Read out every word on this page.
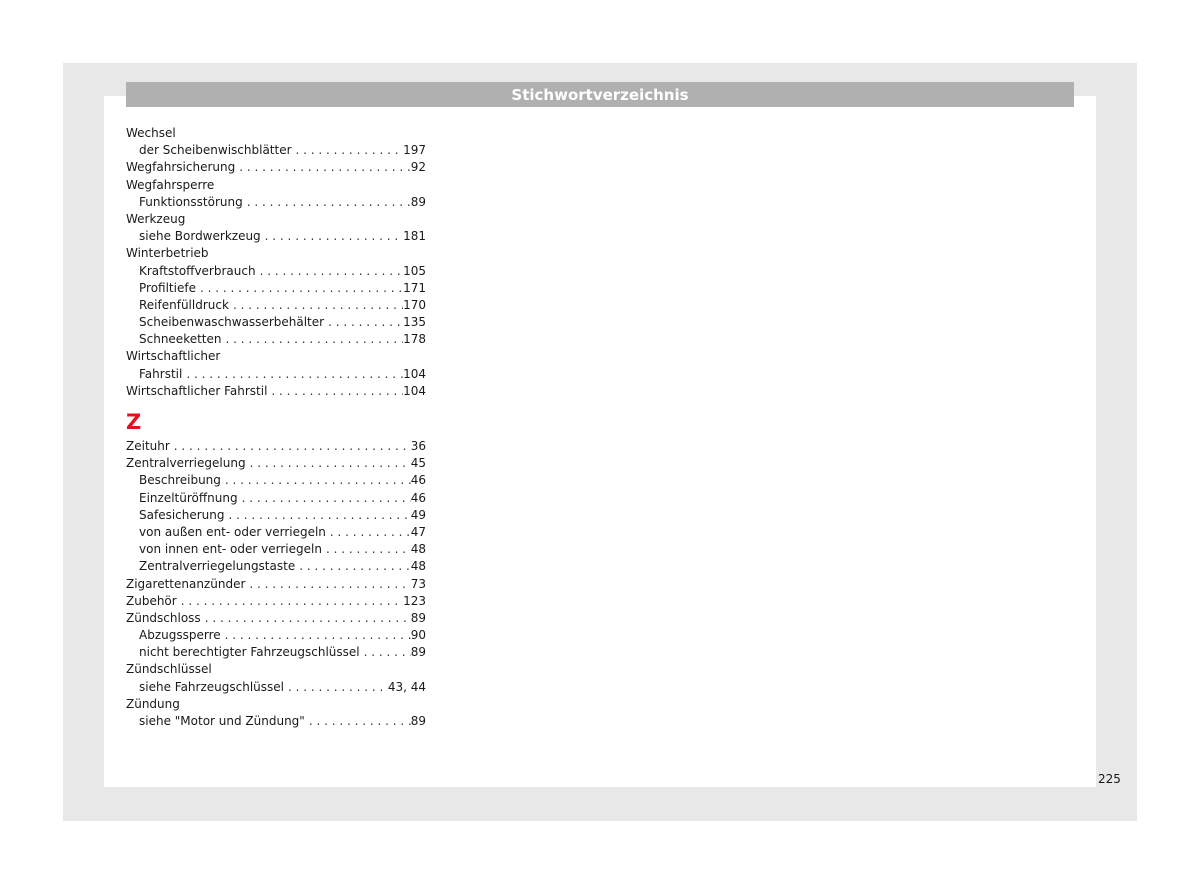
Stichwortverzeichnis
Wechsel
der Scheibenwischblätter . . .	197
Wegfahrsicherung . . .	92
Wegfahrsperre
Funktionsstörung . . .	89
Werkzeug
siehe Bordwerkzeug . . .	181
Winterbetrieb
Kraftstoffverbrauch . . .	105
Profiltiefe . . .	171
Reifenfülldruck . . .	170
Scheibenwaschwasserbehälter . . .	135
Schneeketten . . .	178
Wirtschaftlicher
Fahrstil . . .	104
Wirtschaftlicher Fahrstil . . .	104
Z
Zeituhr . . .	36
Zentralverriegelung . . .	45
Beschreibung . . .	46
Einzeltüröffnung . . .	46
Safesicherung . . .	49
von außen ent- oder verriegeln . . .	47
von innen ent- oder verriegeln . . .	48
Zentralverriegelungstaste . . .	48
Zigarettenanzünder . . .	73
Zubehör . . .	123
Zündschloss . . .	89
Abzugssperre . . .	90
nicht berechtigter Fahrzeugschlüssel . . .	89
Zündschlüssel
siehe Fahrzeugschlüssel . . .	43, 44
Zündung
siehe "Motor und Zündung" . . .	89
225
